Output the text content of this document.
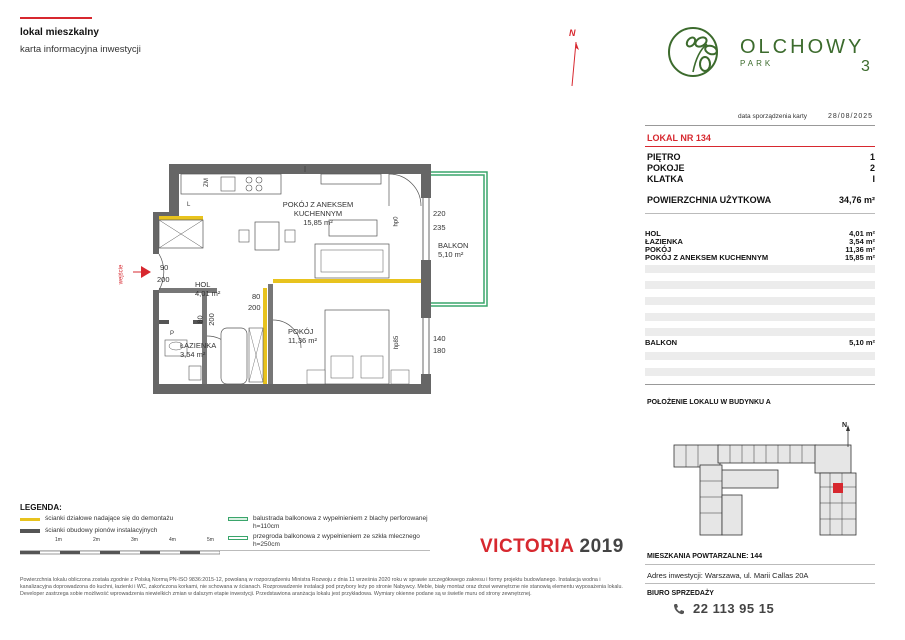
lokal mieszkalny
karta informacyjna inwestycji
N
OLCHOWY
PARK	3
data sporządzenia karty	28/08/2025
LOKAL NR 134
PIĘTRO	1
POKOJE	2
KLATKA	I
POWIERZCHNIA UŻYTKOWA	34,76 m²
HOL	4,01 m²
ŁAZIENKA	3,54 m²
POKÓJ	11,36 m²
POKÓJ Z ANEKSEM KUCHENNYM	15,85 m²
BALKON	5,10 m²
POŁOŻENIE LOKALU W BUDYNKU A
N
MIESZKANIA POWTARZALNE: 144
Adres inwestycji: Warszawa, ul. Marii Callas 20A
BIURO SPRZEDAŻY
22 113 95 15
VICTORIA 2019
Powierzchnia lokalu obliczona została zgodnie z Polską Normą PN-ISO 9836:2015-12, powołaną w rozporządzeniu Ministra Rozwoju z dnia 11 września 2020 roku w sprawie szczegółowego zakresu i formy projektu budowlanego. Instalacja wodna i kanalizacyjna doprowadzona do kuchni, łazienki i WC, zakończona korkami, nie schowana w ścianach. Rozprowadzenie instalacji pod przybory leży po stronie Nabywcy. Meble, biały montaż oraz drzwi wewnętrzne nie stanowią elementu wyposażenia lokalu. Developer zastrzega sobie możliwość wprowadzenia niewielkich zmian w dalszym etapie inwestycji. Przedstawiona aranżacja lokalu jest przykładowa. Wymiary okienne podane są w świetle muru od strony zewnętrznej.
LEGENDA:
ścianki działowe nadające się do demontażu
ścianki obudowy pionów instalacyjnych
balustrada balkonowa z wypełnieniem z blachy perforowanej h=110cm
przegroda balkonowa z wypełnieniem ze szkła mlecznego h=250cm
1m	2m	3m	4m	5m
POKÓJ Z ANEKSEM KUCHENNYM
15,85 m²
HOL
4,01 m²
ŁAZIENKA
3,54 m²
POKÓJ
11,36 m²
BALKON
5,10 m²
220
235
90
200
80
200
80 200
140
180
hp0
hp85
ZM
L
P
wejście
